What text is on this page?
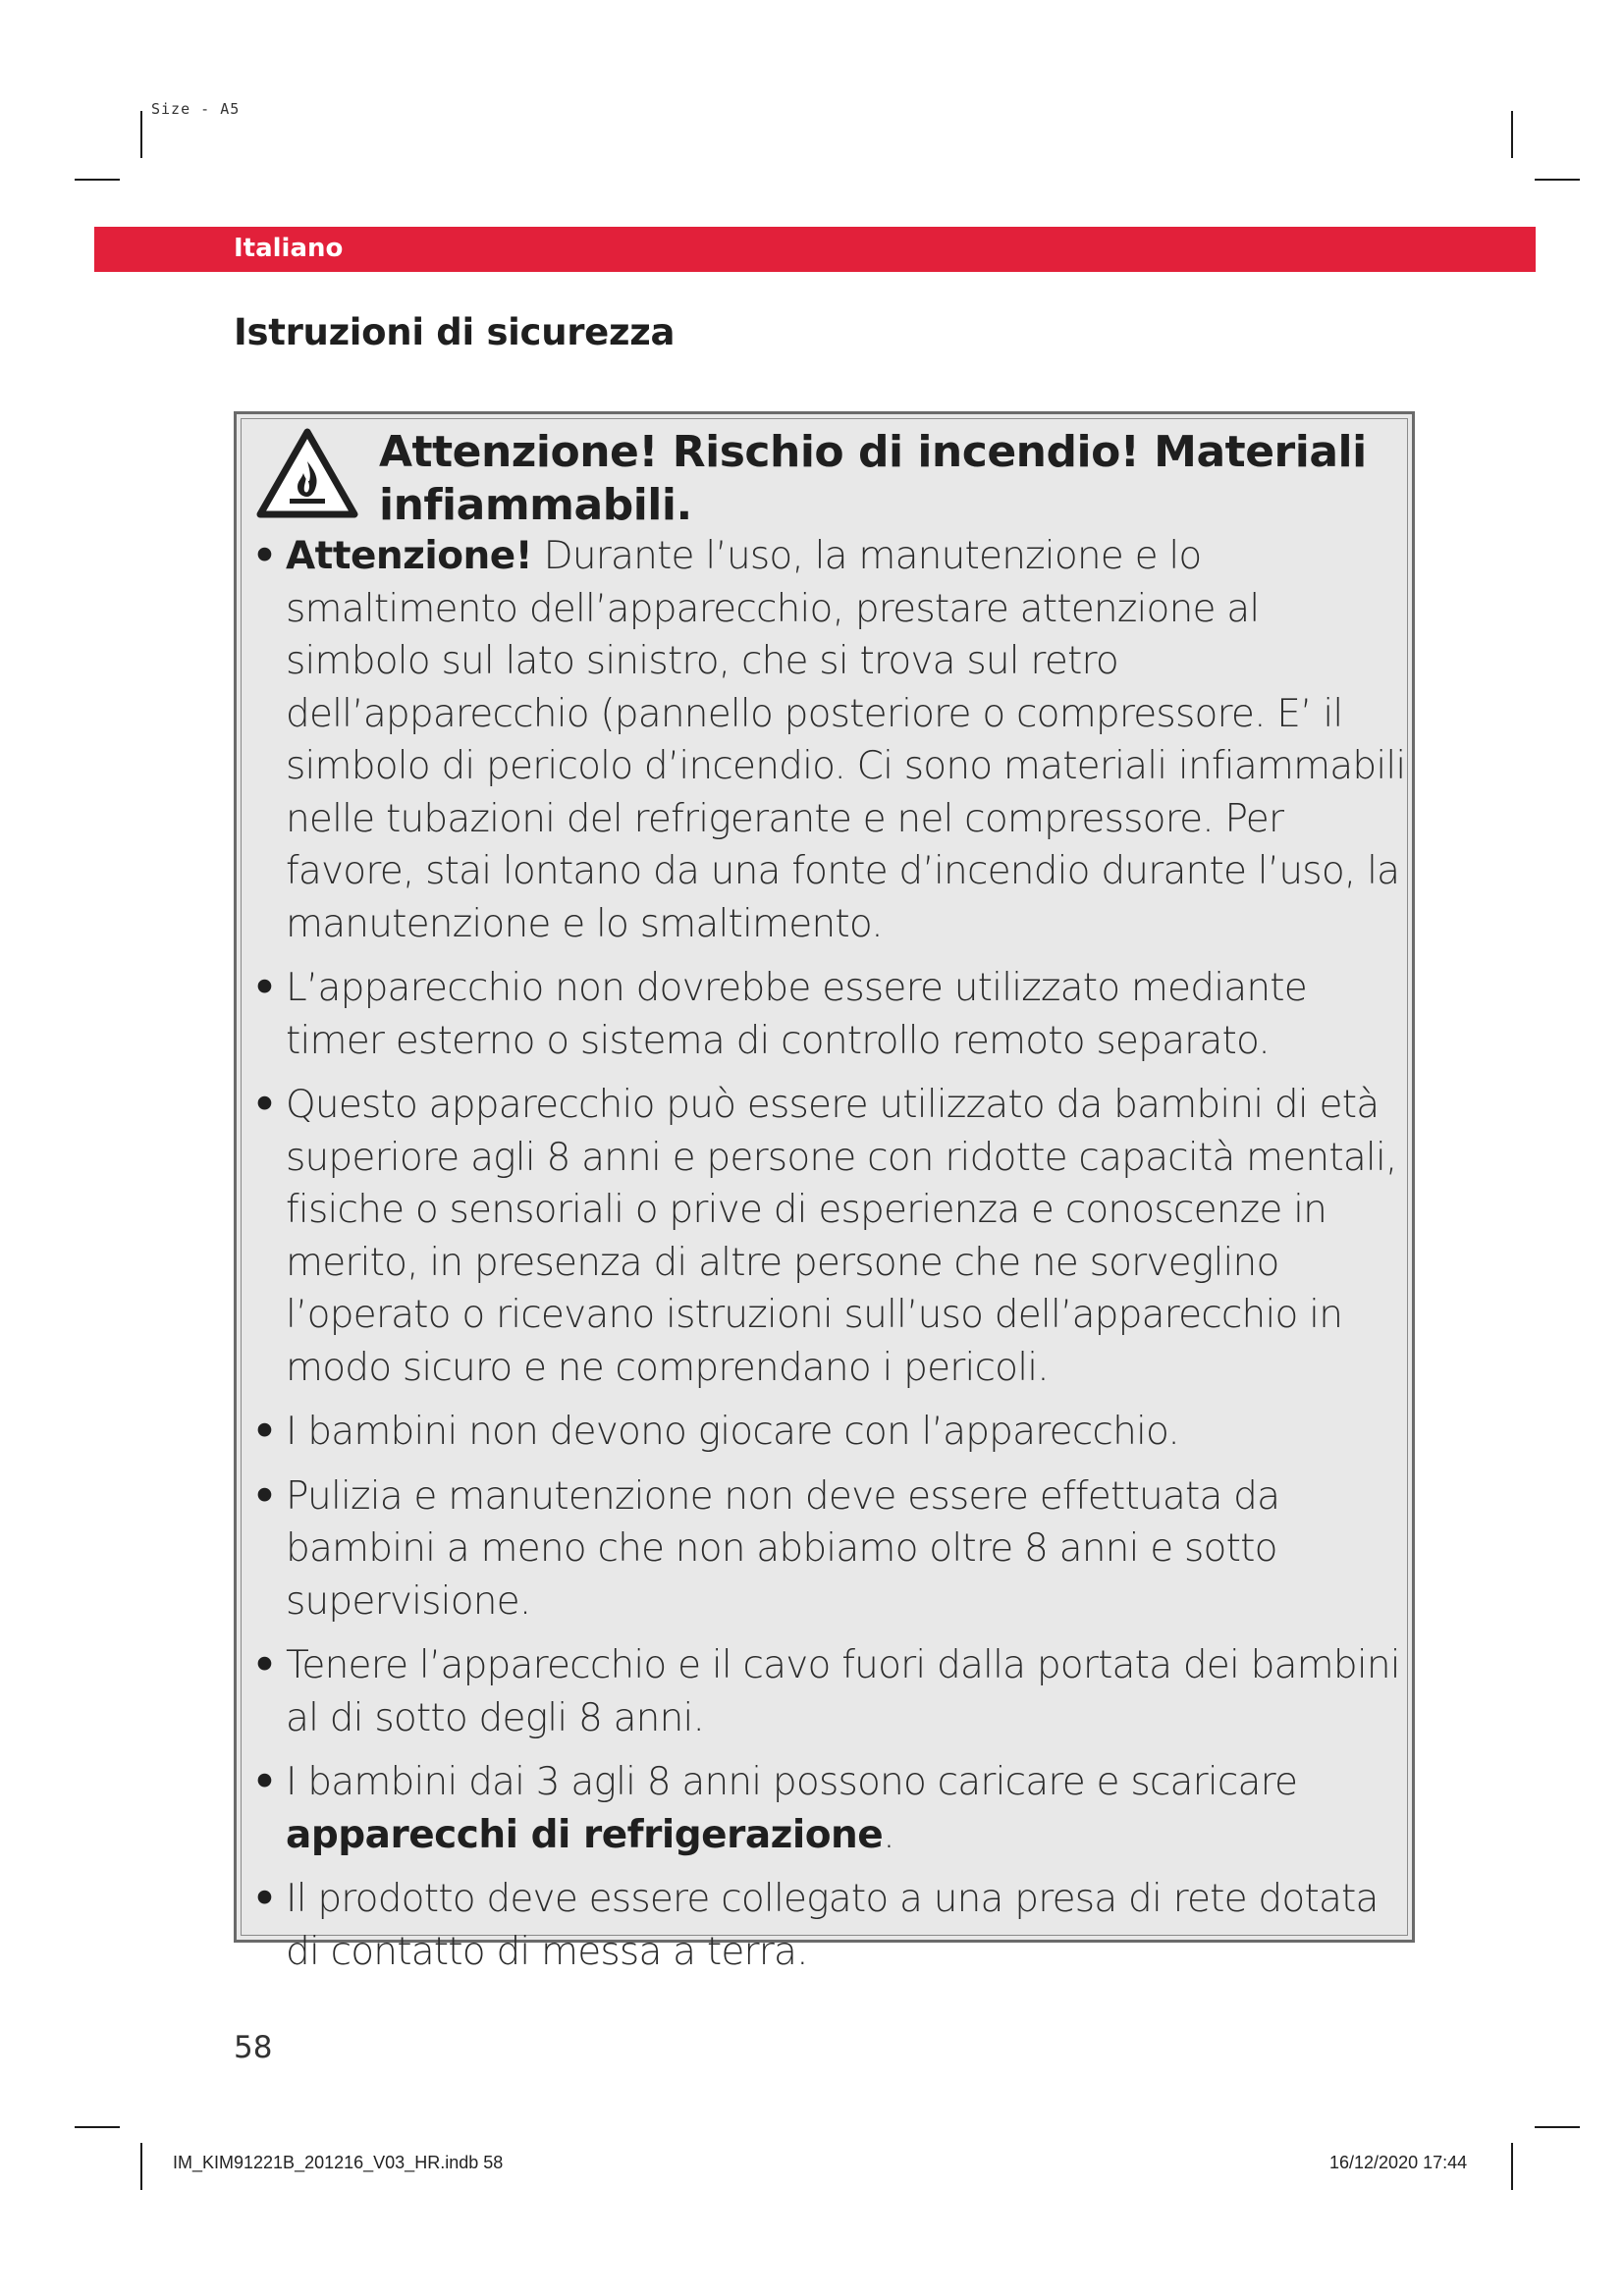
Size - A5
Italiano
Istruzioni di sicurezza
Attenzione! Rischio di incendio! Materiali infiammabili.
• Attenzione! Durante l’uso, la manutenzione e lo smaltimento dell’apparecchio, prestare attenzione al simbolo sul lato sinistro, che si trova sul retro dell’apparecchio (pannello posteriore o compressore. E’ il simbolo di pericolo d’incendio. Ci sono materiali infiammabili nelle tubazioni del refrigerante e nel compressore. Per favore, stai lontano da una fonte d’incendio durante l’uso, la manutenzione e lo smaltimento.
• L’apparecchio non dovrebbe essere utilizzato mediante timer esterno o sistema di controllo remoto separato.
• Questo apparecchio può essere utilizzato da bambini di età superiore agli 8 anni e persone con ridotte capacità mentali, fisiche o sensoriali o prive di esperienza e conoscenze in merito, in presenza di altre persone che ne sorveglino l’operato o ricevano istruzioni sull’uso dell’apparecchio in modo sicuro e ne comprendano i pericoli.
• I bambini non devono giocare con l’apparecchio.
• Pulizia e manutenzione non deve essere effettuata da bambini a meno che non abbiamo oltre 8 anni e sotto supervisione.
• Tenere l’apparecchio e il cavo fuori dalla portata dei bambini al di sotto degli 8 anni.
• I bambini dai 3 agli 8 anni possono caricare e scaricare apparecchi di refrigerazione.
• Il prodotto deve essere collegato a una presa di rete dotata di contatto di messa a terra.
58
IM_KIM91221B_201216_V03_HR.indb 58	16/12/2020 17:44
